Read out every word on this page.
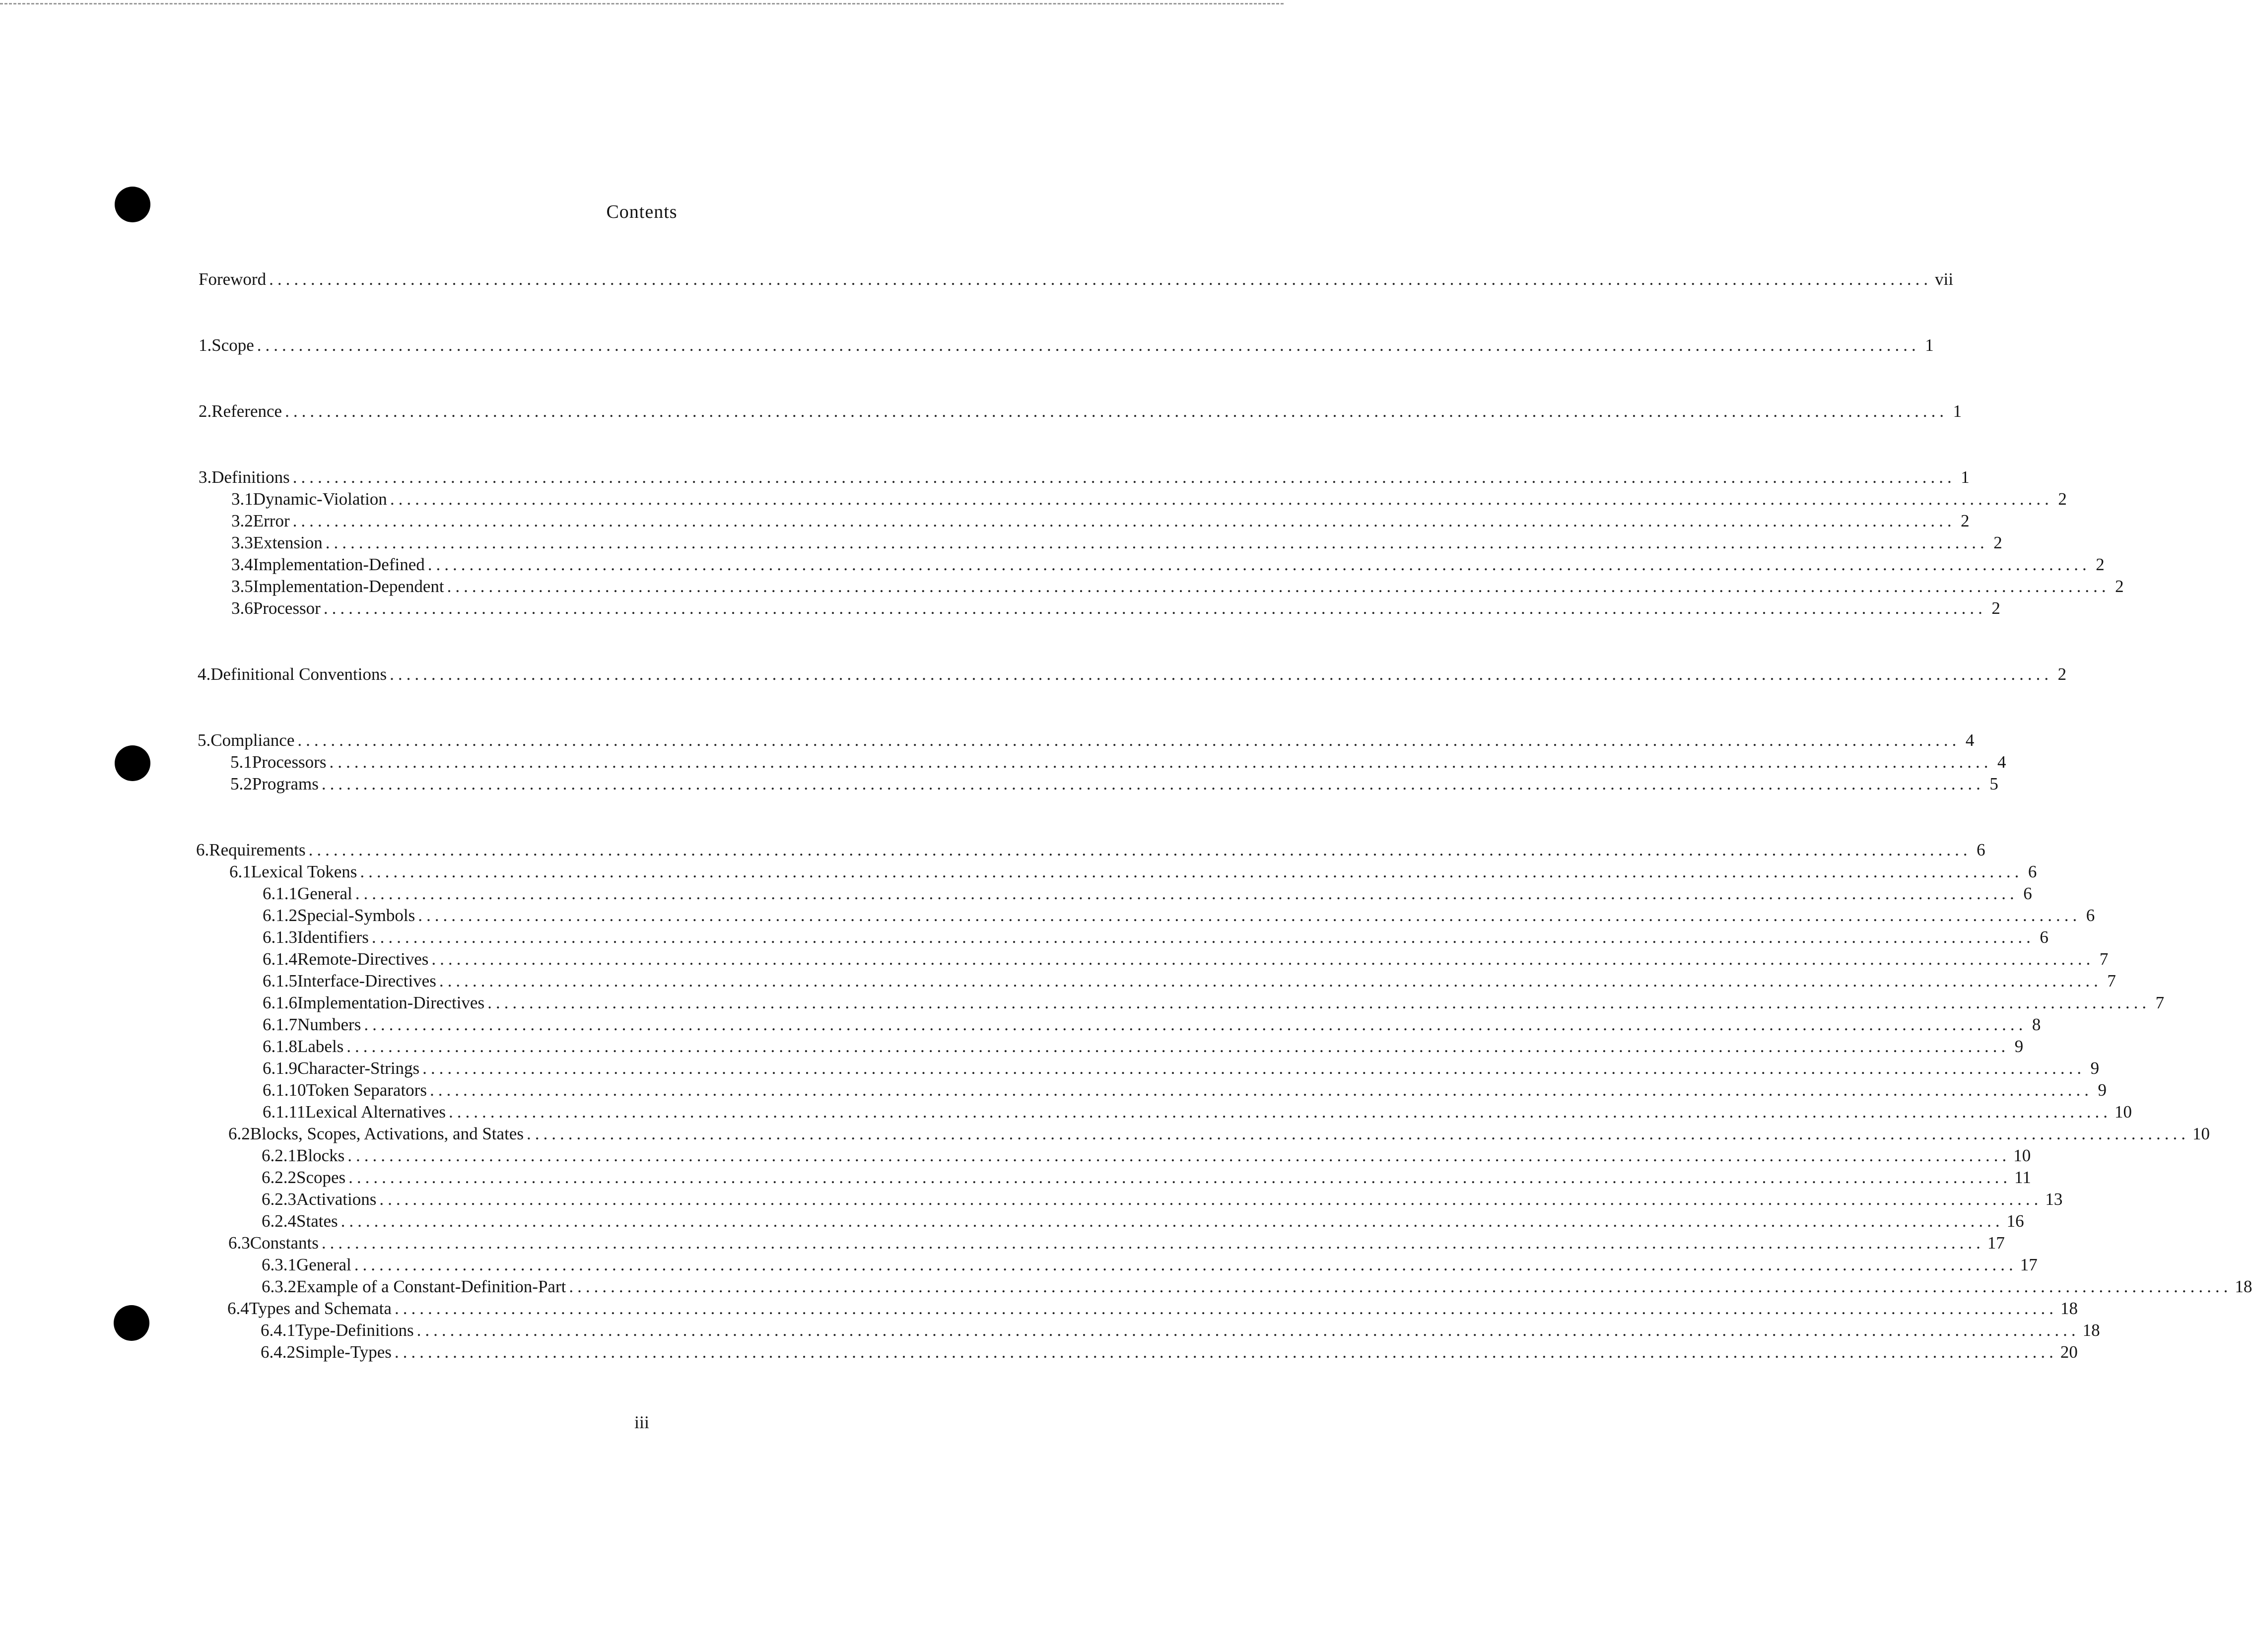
Contents
Foreword ........................................................................................................................................................................................................ vii
1. Scope ........................................................................................................................................................................................................ 1
2. Reference ........................................................................................................................................................................................................ 1
3. Definitions ........................................................................................................................................................................................................ 1
3.1 Dynamic-Violation ........................................................................................................................................................................................................ 2
3.2 Error ........................................................................................................................................................................................................ 2
3.3 Extension ........................................................................................................................................................................................................ 2
3.4 Implementation-Defined ........................................................................................................................................................................................................ 2
3.5 Implementation-Dependent ........................................................................................................................................................................................................ 2
3.6 Processor ........................................................................................................................................................................................................ 2
4. Definitional Conventions ........................................................................................................................................................................................................ 2
5. Compliance ........................................................................................................................................................................................................ 4
5.1 Processors ........................................................................................................................................................................................................ 4
5.2 Programs ........................................................................................................................................................................................................ 5
6. Requirements ........................................................................................................................................................................................................ 6
6.1 Lexical Tokens ........................................................................................................................................................................................................ 6
6.1.1 General ........................................................................................................................................................................................................ 6
6.1.2 Special-Symbols ........................................................................................................................................................................................................ 6
6.1.3 Identifiers ........................................................................................................................................................................................................ 6
6.1.4 Remote-Directives ........................................................................................................................................................................................................ 7
6.1.5 Interface-Directives ........................................................................................................................................................................................................ 7
6.1.6 Implementation-Directives ........................................................................................................................................................................................................ 7
6.1.7 Numbers ........................................................................................................................................................................................................ 8
6.1.8 Labels ........................................................................................................................................................................................................ 9
6.1.9 Character-Strings ........................................................................................................................................................................................................ 9
6.1.10 Token Separators ........................................................................................................................................................................................................ 9
6.1.11 Lexical Alternatives ........................................................................................................................................................................................................ 10
6.2 Blocks, Scopes, Activations, and States ........................................................................................................................................................................................................ 10
6.2.1 Blocks ........................................................................................................................................................................................................ 10
6.2.2 Scopes ........................................................................................................................................................................................................ 11
6.2.3 Activations ........................................................................................................................................................................................................ 13
6.2.4 States ........................................................................................................................................................................................................ 16
6.3 Constants ........................................................................................................................................................................................................ 17
6.3.1 General ........................................................................................................................................................................................................ 17
6.3.2 Example of a Constant-Definition-Part ........................................................................................................................................................................................................ 18
6.4 Types and Schemata ........................................................................................................................................................................................................ 18
6.4.1 Type-Definitions ........................................................................................................................................................................................................ 18
6.4.2 Simple-Types ........................................................................................................................................................................................................ 20
iii
